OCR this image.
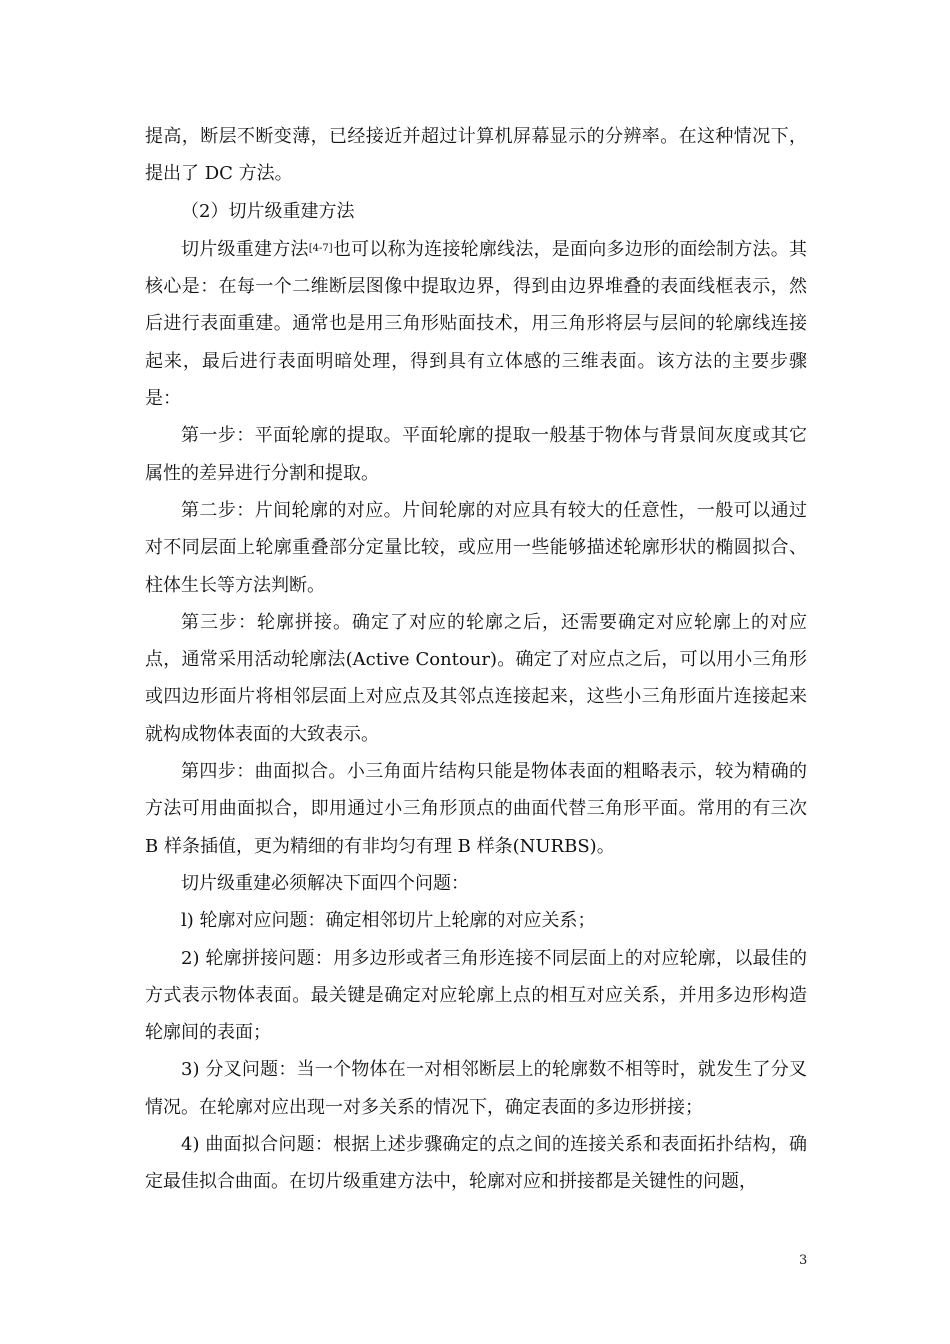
提高，断层不断变薄，已经接近并超过计算机屏幕显示的分辨率。在这种情况下，提出了 DC 方法。

（2）切片级重建方法

切片级重建方法[4-7]也可以称为连接轮廓线法，是面向多边形的面绘制方法。其核心是：在每一个二维断层图像中提取边界，得到由边界堆叠的表面线框表示，然后进行表面重建。通常也是用三角形贴面技术，用三角形将层与层间的轮廓线连接起来，最后进行表面明暗处理，得到具有立体感的三维表面。该方法的主要步骤是：

第一步：平面轮廓的提取。平面轮廓的提取一般基于物体与背景间灰度或其它属性的差异进行分割和提取。

第二步：片间轮廓的对应。片间轮廓的对应具有较大的任意性，一般可以通过对不同层面上轮廓重叠部分定量比较，或应用一些能够描述轮廓形状的椭圆拟合、柱体生长等方法判断。

第三步：轮廓拼接。确定了对应的轮廓之后，还需要确定对应轮廓上的对应点，通常采用活动轮廓法(Active Contour)。确定了对应点之后，可以用小三角形或四边形面片将相邻层面上对应点及其邻点连接起来，这些小三角形面片连接起来就构成物体表面的大致表示。

第四步：曲面拟合。小三角面片结构只能是物体表面的粗略表示，较为精确的方法可用曲面拟合，即用通过小三角形顶点的曲面代替三角形平面。常用的有三次 B 样条插值，更为精细的有非均匀有理 B 样条(NURBS)。

切片级重建必须解决下面四个问题：

l) 轮廓对应问题：确定相邻切片上轮廓的对应关系；

2) 轮廓拼接问题：用多边形或者三角形连接不同层面上的对应轮廓，以最佳的方式表示物体表面。最关键是确定对应轮廓上点的相互对应关系，并用多边形构造轮廓间的表面；

3) 分叉问题：当一个物体在一对相邻断层上的轮廓数不相等时，就发生了分叉情况。在轮廓对应出现一对多关系的情况下，确定表面的多边形拼接；

4) 曲面拟合问题：根据上述步骤确定的点之间的连接关系和表面拓扑结构，确定最佳拟合曲面。在切片级重建方法中，轮廓对应和拼接都是关键性的问题，

3
